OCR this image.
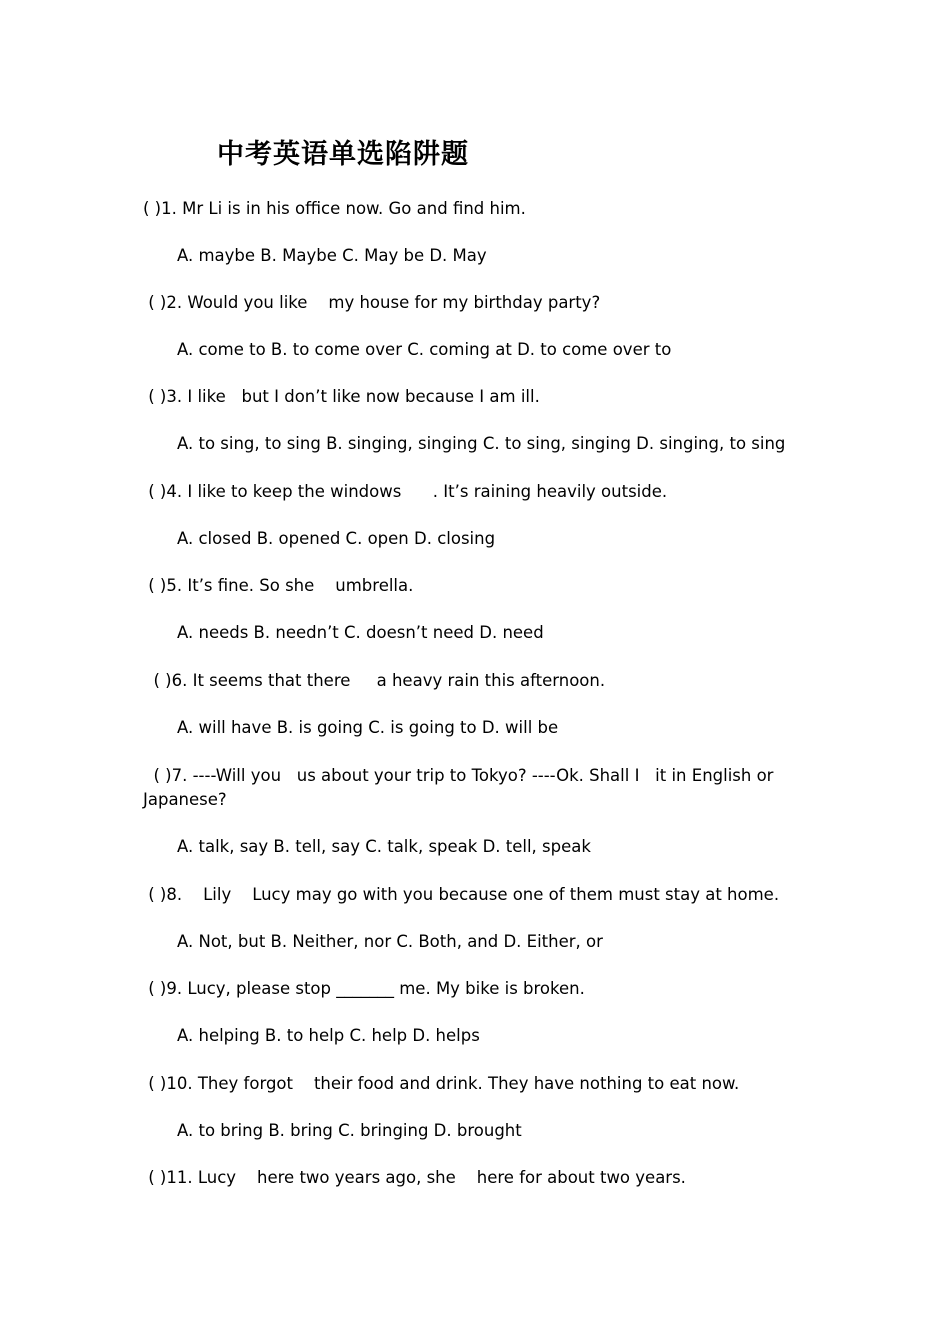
中考英语单选陷阱题
( )1. Mr Li is in his office now. Go and find him.
A. maybe B. Maybe C. May be D. May
( )2. Would you like    my house for my birthday party?
A. come to B. to come over C. coming at D. to come over to
( )3. I like   but I don’t like now because I am ill.
A. to sing, to sing B. singing, singing C. to sing, singing D. singing, to sing
( )4. I like to keep the windows      . It’s raining heavily outside.
A. closed B. opened C. open D. closing
( )5. It’s fine. So she    umbrella.
A. needs B. needn’t C. doesn’t need D. need
( )6. It seems that there     a heavy rain this afternoon.
A. will have B. is going C. is going to D. will be
( )7. ----Will you   us about your trip to Tokyo? ----Ok. Shall I   it in English or Japanese?
A. talk, say B. tell, say C. talk, speak D. tell, speak
( )8.    Lily    Lucy may go with you because one of them must stay at home.
A. Not, but B. Neither, nor C. Both, and D. Either, or
( )9. Lucy, please stop _______ me. My bike is broken.
A. helping B. to help C. help D. helps
( )10. They forgot    their food and drink. They have nothing to eat now.
A. to bring B. bring C. bringing D. brought
( )11. Lucy    here two years ago, she    here for about two years.
